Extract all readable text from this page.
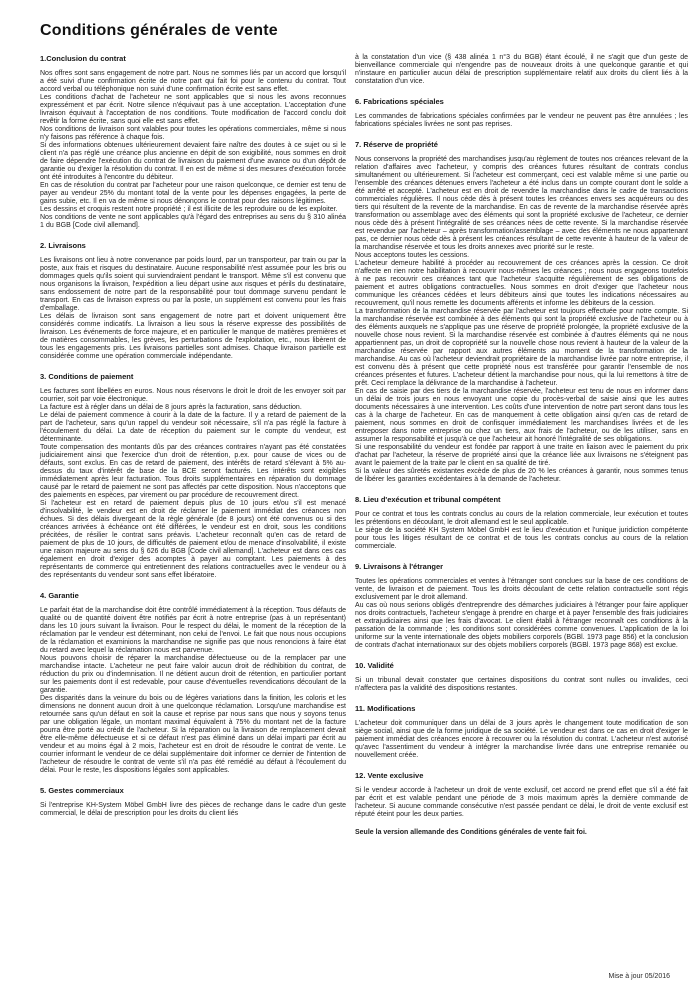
Conditions générales de vente
1.Conclusion du contrat

Nos offres sont sans engagement de notre part. Nous ne sommes liés par un accord que lorsqu'il a été suivi d'une confirmation écrite de notre part qui fait foi pour le contenu du contrat. Tout accord verbal ou téléphonique non suivi d'une confirmation écrite est sans effet.

Les conditions d'achat de l'acheteur ne sont applicables que si nous les avons reconnues expressément et par écrit. Notre silence n'équivaut pas à une acceptation. L'acceptation d'une livraison équivaut à l'acceptation de nos conditions. Toute modification de l'accord conclu doit revêtir la forme écrite, sans quoi elle est sans effet.

Nos conditions de livraison sont valables pour toutes les opérations commerciales, même si nous n'y faisons pas référence à chaque fois.

Si des informations obtenues ultérieurement devaient faire naître des doutes à ce sujet ou si le client n'a pas réglé une créance plus ancienne en dépit de son exigibilité, nous sommes en droit de faire dépendre l'exécution du contrat de livraison du paiement d'une avance ou d'un dépôt de garantie ou d'exiger la résolution du contrat. Il en est de même si des mesures d'exécution forcée ont été introduites à l'encontre du débiteur.

En cas de résolution du contrat par l'acheteur pour une raison quelconque, ce dernier est tenu de payer au vendeur 25% du montant total de la vente pour les dépenses engagées, la perte de gains subie, etc. Il en va de même si nous dénonçons le contrat pour des raisons légitimes.

Les dessins et croquis restent notre propriété ; il est illicite de les reproduire ou de les exploiter.

Nos conditions de vente ne sont applicables qu'à l'égard des entreprises au sens du § 310 alinéa 1 du BGB [Code civil allemand].

2. Livraisons

Les livraisons ont lieu à notre convenance par poids lourd, par un transporteur, par train ou par la poste, aux frais et risques du destinataire. Aucune responsabilité n'est assumée pour les bris ou dommages quels qu'ils soient qui surviendraient pendant le transport. Même s'il est convenu que nous organisons la livraison, l'expédition a lieu départ usine aux risques et périls du destinataire, sans endossement de notre part de la responsabilité pour tout dommage survenu pendant le transport. En cas de livraison express ou par la poste, un supplément est convenu pour les frais d'emballage.

Les délais de livraison sont sans engagement de notre part et doivent uniquement être considérés comme indicatifs. La livraison a lieu sous la réserve expresse des possibilités de livraison. Les événements de force majeure, et en particulier le manque de matières premières et de matières consommables, les grèves, les perturbations de l'exploitation, etc., nous libèrent de tous les engagements pris. Les livraisons partielles sont admises. Chaque livraison partielle est considérée comme une opération commerciale indépendante.

3. Conditions de paiement

Les factures sont libellées en euros. Nous nous réservons le droit le droit de les envoyer soit par courrier, soit par voie électronique.

La facture est à régler dans un délai de 8 jours après la facturation, sans déduction.

Le délai de paiement commence à courir à la date de la facture. Il y a retard de paiement de la part de l'acheteur, sans qu'un rappel du vendeur soit nécessaire, s'il n'a pas réglé la facture à l'écoulement du délai. La date de réception du paiement sur le compte du vendeur, est déterminante.

Toute compensation des montants dûs par des créances contraires n'ayant pas été constatées judiciairement ainsi que l'exercice d'un droit de rétention, p.ex. pour cause de vices ou de défauts, sont exclus. En cas de retard de paiement, des intérêts de retard s'élevant à 5% au-dessus du taux d'intérêt de base de la BCE seront facturés. Les intérêts sont exigibles immédiatement après leur facturation. Tous droits supplémentaires en réparation du dommage causé par le retard de paiement ne sont pas affectés par cette disposition. Nous n'acceptons que des paiements en espèces, par virement ou par procédure de recouvrement direct.

Si l'acheteur est en retard de paiement depuis plus de 10 jours et/ou s'il est menacé d'insolvabilité, le vendeur est en droit de réclamer le paiement immédiat des créances non échues. Si des délais divergeant de la règle générale (de 8 jours) ont été convenus ou si des créances arrivées à échéance ont été différées, le vendeur est en droit, sous les conditions précitées, de résilier le contrat sans préavis. L'acheteur reconnaît qu'en cas de retard de paiement de plus de 10 jours, de difficultés de paiement et/ou de menace d'insolvabilité, il existe une raison majeure au sens du § 626 du BGB [Code civil allemand]. L'acheteur est dans ces cas également en droit d'exiger des acomptes à payer au comptant. Les paiements à des représentants de commerce qui entretiennent des relations contractuelles avec le vendeur ou à des représentants du vendeur sont sans effet libératoire.

4. Garantie

Le parfait état de la marchandise doit être contrôlé immédiatement à la réception. Tous défauts de qualité ou de quantité doivent être notifiés par écrit à notre entreprise (pas à un représentant) dans les 10 jours suivant la livraison. Pour le respect du délai, le moment de la réception de la réclamation par le vendeur est déterminant, non celui de l'envoi. Le fait que nous nous occupions de la réclamation et examinions la marchandise ne signifie pas que nous renoncions à faire état du retard avec lequel la réclamation nous est parvenue.

Nous pouvons choisir de réparer la marchandise défectueuse ou de la remplacer par une marchandise intacte. L'acheteur ne peut faire valoir aucun droit de rédhibition du contrat, de réduction du prix ou d'indemnisation. Il ne détient aucun droit de rétention, en particulier portant sur les paiements dont il est redevable, pour cause d'éventuelles revendications découlant de la garantie.

Des disparités dans la veinure du bois ou de légères variations dans la finition, les coloris et les dimensions ne donnent aucun droit à une quelconque réclamation. Lorsqu'une marchandise est retournée sans qu'un défaut en soit la cause et reprise par nous sans que nous y soyons tenus par une obligation légale, un montant maximal équivalent à 75% du montant net de la facture pourra être porté au crédit de l'acheteur. Si la réparation ou la livraison de remplacement devait être elle-même défectueuse et si ce défaut n'est pas éliminé dans un délai imparti par écrit au vendeur et au moins égal à 2 mois, l'acheteur est en droit de résoudre le contrat de vente. Le courrier informant le vendeur de ce délai supplémentaire doit informer ce dernier de l'intention de l'acheteur de résoudre le contrat de vente s'il n'a pas été remédié au défaut à l'écoulement du délai. Pour le reste, les dispositions légales sont applicables.

5. Gestes commerciaux

Si l'entreprise KH-System Möbel GmbH livre des pièces de rechange dans le cadre d'un geste commercial, le délai de prescription pour les droits du client liés

à la constatation d'un vice (§ 438 alinéa 1 n°3 du BGB) étant écoulé, il ne s'agit que d'un geste de bienveillance commerciale qui n'engendre pas de nouveaux droits à une quelconque garantie et qui n'instaure en particulier aucun délai de prescription supplémentaire relatif aux droits du client liés à la constatation d'un vice.

6. Fabrications spéciales

Les commandes de fabrications spéciales confirmées par le vendeur ne peuvent pas être annulées ; les fabrications spéciales livrées ne sont pas reprises.

7. Réserve de propriété

Nous conservons la propriété des marchandises jusqu'au règlement de toutes nos créances relevant de la relation d'affaires avec l'acheteur, y compris des créances futures résultant de contrats conclus simultanément ou ultérieurement. Si l'acheteur est commerçant, ceci est valable même si une partie ou l'ensemble des créances détenues envers l'acheteur a été inclus dans un compte courant dont le solde a été arrêté et accepté. L'acheteur est en droit de revendre la marchandise dans le cadre de transactions commerciales régulières. Il nous cède dès à présent toutes les créances envers ses acquéreurs ou des tiers qui résultent de la revente de la marchandise. En cas de revente de la marchandise réservée après transformation ou assemblage avec des éléments qui sont la propriété exclusive de l'acheteur, ce dernier nous cède dès à présent l'intégralité de ses créances nées de cette revente. Si la marchandise réservée est revendue par l'acheteur – après transformation/assemblage – avec des éléments ne nous appartenant pas, ce dernier nous cède dès à présent les créances résultant de cette revente à hauteur de la valeur de la marchandise réservée et tous les droits annexes avec priorité sur le reste.

Nous acceptons toutes les cessions.

L'acheteur demeure habilité à procéder au recouvrement de ces créances après la cession. Ce droit n'affecte en rien notre habilitation à recouvrir nous-mêmes les créances ; nous nous engageons toutefois à ne pas recouvrir ces créances tant que l'acheteur s'acquitte régulièrement de ses obligations de paiement et autres obligations contractuelles. Nous sommes en droit d'exiger que l'acheteur nous communique les créances cédées et leurs débiteurs ainsi que toutes les indications nécessaires au recouvrement, qu'il nous remette les documents afférents et informe les débiteurs de la cession.

La transformation de la marchandise réservée par l'acheteur est toujours effectuée pour notre compte. Si la marchandise réservée est combinée à des éléments qui sont la propriété exclusive de l'acheteur ou à des éléments auxquels ne s'applique pas une réserve de propriété prolongée, la propriété exclusive de la nouvelle chose nous revient. Si la marchandise réservée est combinée à d'autres éléments qui ne nous appartiennent pas, un droit de copropriété sur la nouvelle chose nous revient à hauteur de la valeur de la marchandise réservée par rapport aux autres éléments au moment de la transformation de la marchandise. Au cas où l'acheteur deviendrait propriétaire de la marchandise livrée par notre entreprise, il est convenu dès à présent que cette propriété nous est transférée pour garantir l'ensemble de nos créances présentes et futures. L'acheteur détient la marchandise pour nous, qui la lui remettons à titre de prêt. Ceci remplace la délivrance de la marchandise à l'acheteur.

En cas de saisie par des tiers de la marchandise réservée, l'acheteur est tenu de nous en informer dans un délai de trois jours en nous envoyant une copie du procès-verbal de saisie ainsi que les autres documents nécessaires à une intervention. Les coûts d'une intervention de notre part seront dans tous les cas à la charge de l'acheteur. En cas de manquement à cette obligation ainsi qu'en cas de retard de paiement, nous sommes en droit de confisquer immédiatement les marchandises livrées et de les entreposer dans notre entreprise ou chez un tiers, aux frais de l'acheteur, ou de les utiliser, sans en assumer la responsabilité et jusqu'à ce que l'acheteur ait honoré l'intégralité de ses obligations.

Si une responsabilité du vendeur est fondée par rapport à une traite en liaison avec le paiement du prix d'achat par l'acheteur, la réserve de propriété ainsi que la créance liée aux livraisons ne s'éteignent pas avant le paiement de la traite par le client en sa qualité de tiré.

Si la valeur des sûretés existantes excède de plus de 20 % les créances à garantir, nous sommes tenus de libérer les garanties excédentaires à la demande de l'acheteur.

8. Lieu d'exécution et tribunal compétent

Pour ce contrat et tous les contrats conclus au cours de la relation commerciale, leur exécution et toutes les prétentions en découlant, le droit allemand est le seul applicable.

Le siège de la société KH System Möbel GmbH est le lieu d'exécution et l'unique juridiction compétente pour tous les litiges résultant de ce contrat et de tous les contrats conclus au cours de la relation commerciale.

9. Livraisons à l'étranger

Toutes les opérations commerciales et ventes à l'étranger sont conclues sur la base de ces conditions de vente, de livraison et de paiement. Tous les droits découlant de cette relation contractuelle sont régis exclusivement par le droit allemand.

Au cas où nous serions obligés d'entreprendre des démarches judiciaires à l'étranger pour faire appliquer nos droits contractuels, l'acheteur s'engage à prendre en charge et à payer l'ensemble des frais judiciaires et extrajudiciaires ainsi que les frais d'avocat. Le client établi à l'étranger reconnaît ces conditions à la passation de la commande ; les conditions sont considérées comme convenues. L'application de la loi uniforme sur la vente internationale des objets mobiliers corporels (BGBl. 1973 page 856) et la conclusion de contrats d'achat internationaux sur des objets mobiliers corporels (BGBl. 1973 page 868) est exclue.

10. Validité

Si un tribunal devait constater que certaines dispositions du contrat sont nulles ou invalides, ceci n'affectera pas la validité des dispositions restantes.

11. Modifications

L'acheteur doit communiquer dans un délai de 3 jours après le changement toute modification de son siège social, ainsi que de la forme juridique de sa société. Le vendeur est dans ce cas en droit d'exiger le paiement immédiat des créances encore à recouvrer ou la résolution du contrat. L'acheteur n'est autorisé qu'avec l'assentiment du vendeur à intégrer la marchandise livrée dans une entreprise remaniée ou nouvellement créée.

12. Vente exclusive

Si le vendeur accorde à l'acheteur un droit de vente exclusif, cet accord ne prend effet que s'il a été fait par écrit et est valable pendant une période de 3 mois maximum après la dernière commande de l'acheteur. Si aucune commande consécutive n'est passée pendant ce délai, le droit de vente exclusif est réputé éteint pour les deux parties.

Seule la version allemande des Conditions générales de vente fait foi.

Mise à jour 05/2016
